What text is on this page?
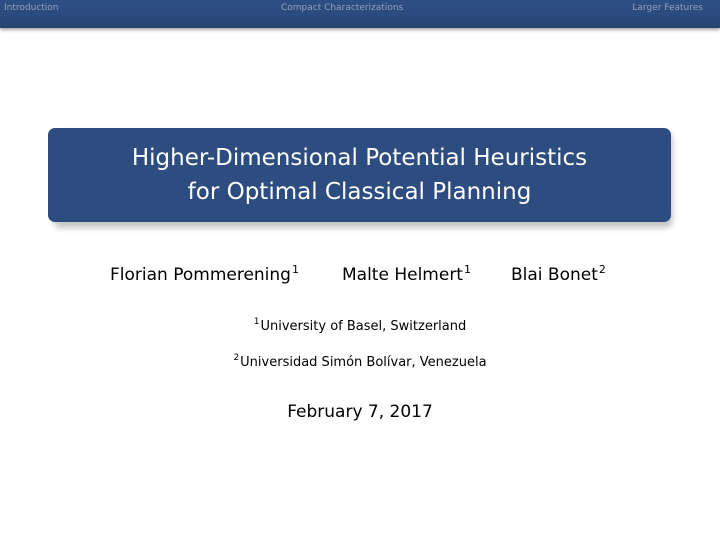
Introduction	Compact Characterizations	Larger Features
Higher-Dimensional Potential Heuristics
for Optimal Classical Planning
Florian Pommerening$^1$	Malte Helmert$^1$ Blai Bonet$^2$
$^1$University of Basel, Switzerland
$^2$Universidad Simón Bolívar, Venezuela
February 7, 2017
